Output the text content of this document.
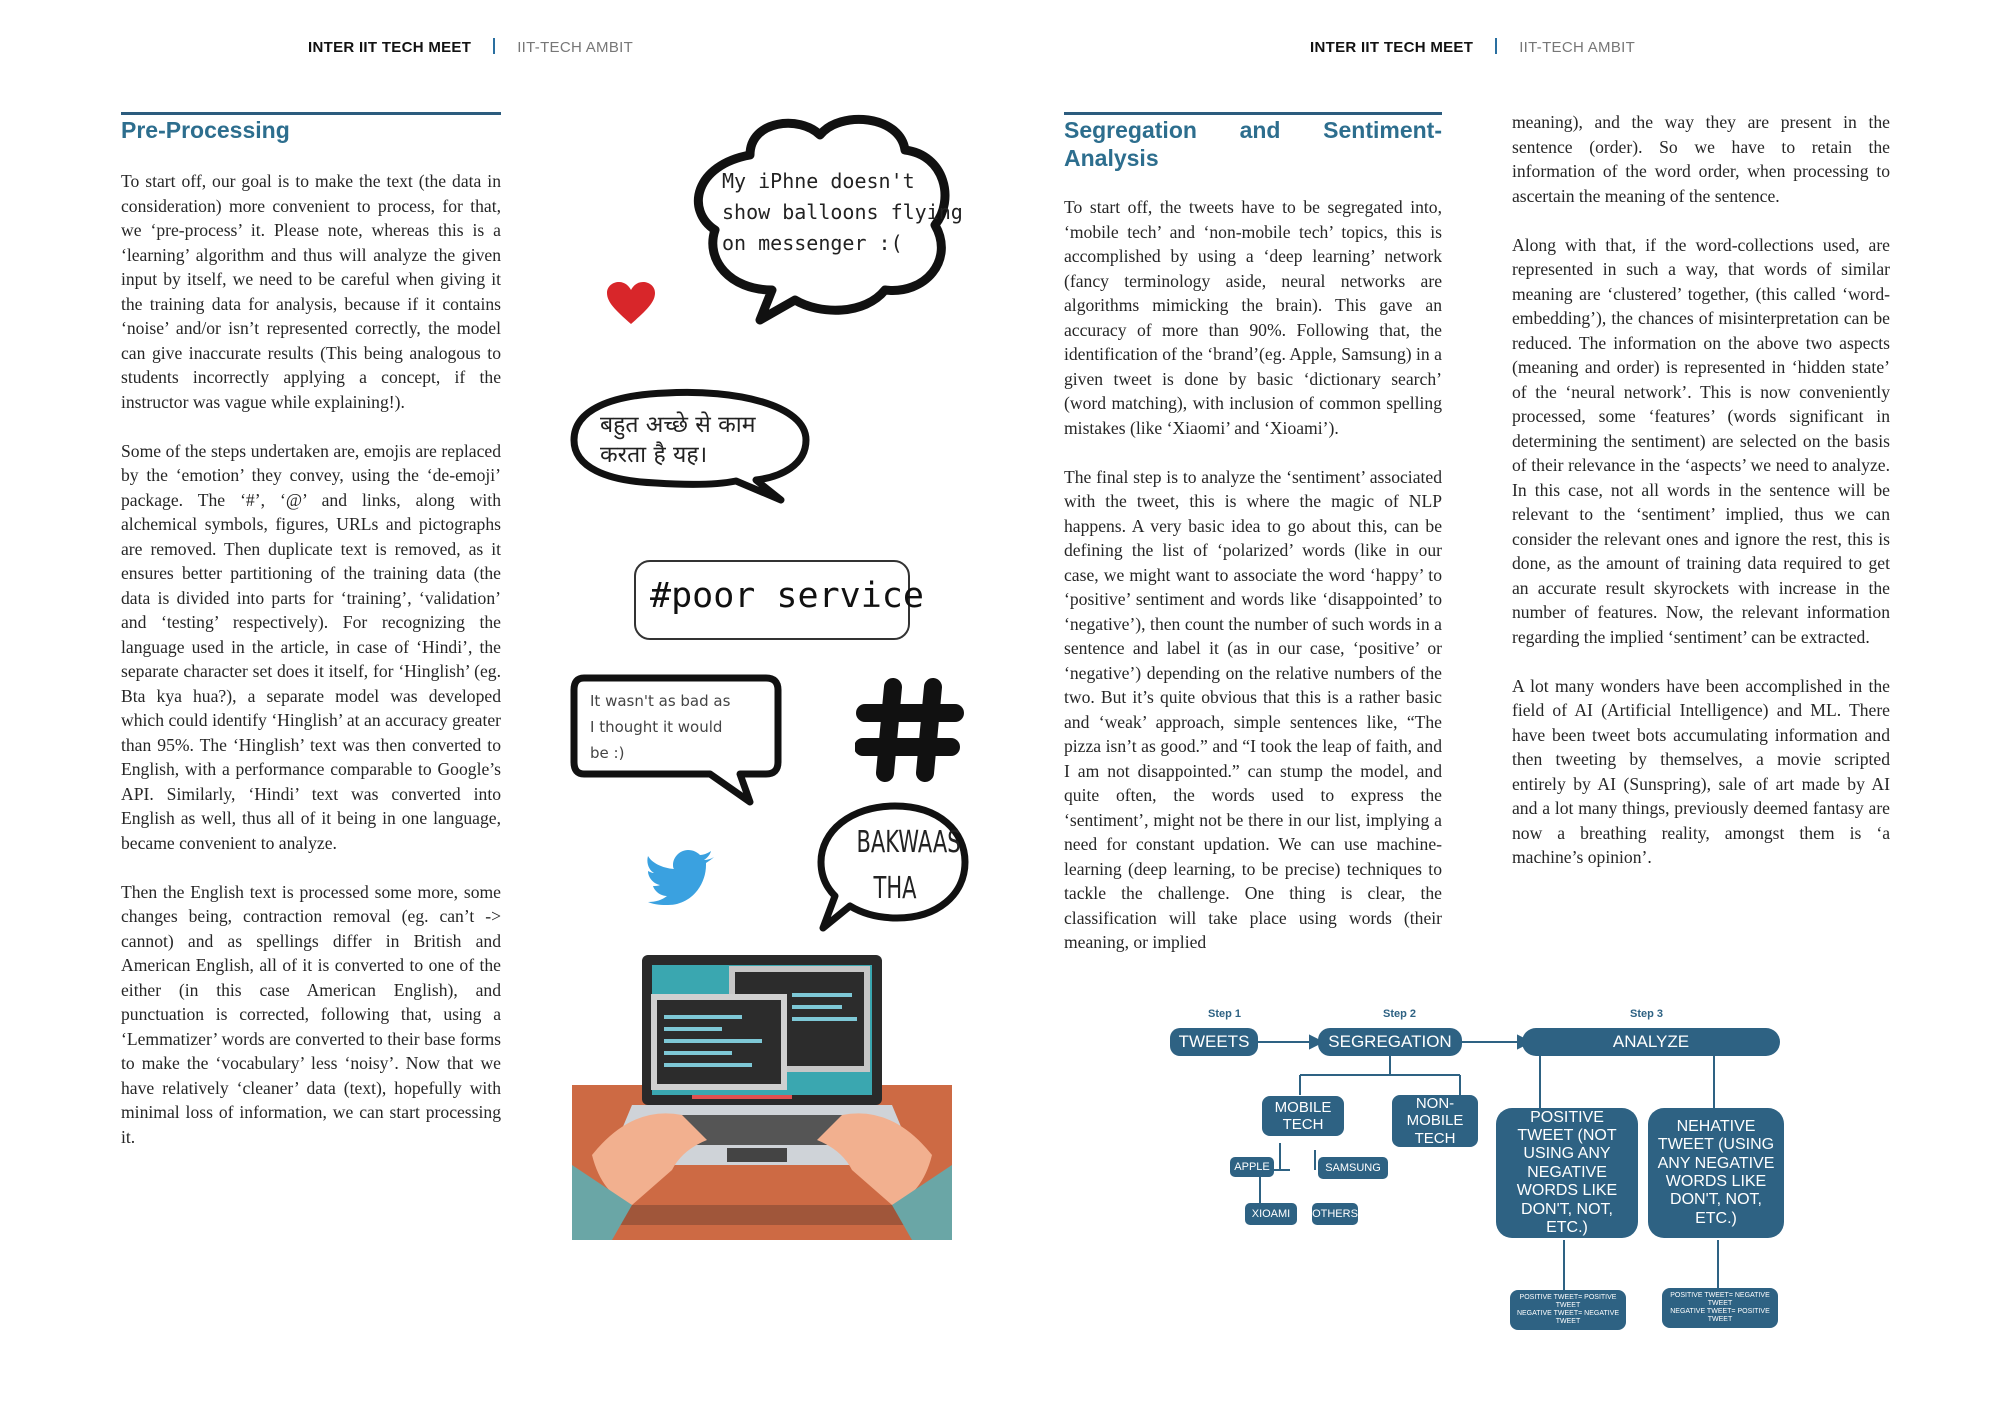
INTER IIT TECH MEET	IIT-TECH AMBIT
Pre-Processing

To start off, our goal is to make the text (the data in consideration) more convenient to process, for that, we ‘pre-process’ it. Please note, whereas this is a ‘learning’ algorithm and thus will analyze the given input by itself, we need to be careful when giving it the training data for analysis, because if it contains ‘noise’ and/or isn’t represented correctly, the model can give inaccurate results (This being analogous to students incorrectly applying a concept, if the instructor was vague while explaining!).

Some of the steps undertaken are, emojis are replaced by the ‘emotion’ they convey, using the ‘de-emoji’ package. The ‘#’, ‘@’ and links, along with alchemical symbols, figures, URLs and pictographs are removed. Then duplicate text is removed, as it ensures better partitioning of the training data (the data is divided into parts for ‘training’, ‘validation’ and ‘testing’ respectively). For recognizing the language used in the article, in case of ‘Hindi’, the separate character set does it itself, for ‘Hinglish’ (eg. Bta kya hua?), a separate model was developed which could identify ‘Hinglish’ at an accuracy greater than 95%. The ‘Hinglish’ text was then converted to English, with a performance comparable to Google’s API. Similarly, ‘Hindi’ text was converted into English as well, thus all of it being in one language, became convenient to analyze.

Then the English text is processed some more, some changes being, contraction removal (eg. can’t -> cannot) and as spellings differ in British and American English, all of it is converted to one of the either (in this case American English), and punctuation is corrected, following that, using a ‘Lemmatizer’ words are converted to their base forms to make the ‘vocabulary’ less ‘noisy’. Now that we have relatively ‘cleaner’ data (text), hopefully with minimal loss of information, we can start processing it.

My iPhne doesn't
show balloons flying
on messenger :(
बहुत अच्छे से काम
करता है यह।
#poor service
It wasn't as bad as
I thought it would
be :)
BAKWAAS
THA
INTER IIT TECH MEET	IIT-TECH AMBIT
Segregation and Sentiment-Analysis

To start off, the tweets have to be segregated into, ‘mobile tech’ and ‘non-mobile tech’ topics, this is accomplished by using a ‘deep learning’ network (fancy terminology aside, neural networks are algorithms mimicking the brain). This gave an accuracy of more than 90%. Following that, the identification of the ‘brand’(eg. Apple, Samsung) in a given tweet is done by basic ‘dictionary search’ (word matching), with inclusion of common spelling mistakes (like ‘Xiaomi’ and ‘Xioami’).

The final step is to analyze the ‘sentiment’ associated with the tweet, this is where the magic of NLP happens. A very basic idea to go about this, can be defining the list of ‘polarized’ words (like in our case, we might want to associate the word ‘happy’ to ‘positive’ sentiment and words like ‘disappointed’ to ‘negative’), then count the number of such words in a sentence and label it (as in our case, ‘positive’ or ‘negative’) depending on the relative numbers of the two. But it’s quite obvious that this is a rather basic and ‘weak’ approach, simple sentences like, “The pizza isn’t as good.” and “I took the leap of faith, and I am not disappointed.” can stump the model, and quite often, the words used to express the ‘sentiment’, might not be there in our list, implying a need for constant updation. We can use machine-learning (deep learning, to be precise) techniques to tackle the challenge. One thing is clear, the classification will take place using words (their meaning, or implied

meaning), and the way they are present in the sentence (order). So we have to retain the information of the word order, when processing to ascertain the meaning of the sentence.

Along with that, if the word-collections used, are represented in such a way, that words of similar meaning are ‘clustered’ together, (this called ‘word-embedding’), the chances of misinterpretation can be reduced. The information on the above two aspects (meaning and order) is represented in ‘hidden state’ of the ‘neural network’. This is now conveniently processed, some ‘features’ (words significant in determining the sentiment) are selected on the basis of their relevance in the ‘aspects’ we need to analyze. In this case, not all words in the sentence will be relevant to the ‘sentiment’ implied, thus we can consider the relevant ones and ignore the rest, this is done, as the amount of training data required to get an accurate result skyrockets with increase in the number of features. Now, the relevant information regarding the implied ‘sentiment’ can be extracted.

A lot many wonders have been accomplished in the field of AI (Artificial Intelligence) and ML. There have been tweet bots accumulating information and then tweeting by themselves, a movie scripted entirely by AI (Sunspring), sale of art made by AI and a lot many things, previously deemed fantasy are now a breathing reality, amongst them is ‘a machine’s opinion’.

Step 1	Step 2	Step 3
TWEETS	SEGREGATION	ANALYZE
MOBILE TECH
NON-MOBILE TECH
APPLE	SAMSUNG
XIOAMI	OTHERS
POSITIVE TWEET (NOT USING ANY NEGATIVE WORDS LIKE DON'T, NOT, ETC.)
NEHATIVE TWEET (USING ANY NEGATIVE WORDS LIKE DON'T, NOT, ETC.)
POSITIVE TWEET= POSITIVE TWEET
NEGATIVE TWEET= NEGATIVE TWEET
POSITIVE TWEET= NEGATIVE TWEET
NEGATIVE TWEET= POSITIVE TWEET
